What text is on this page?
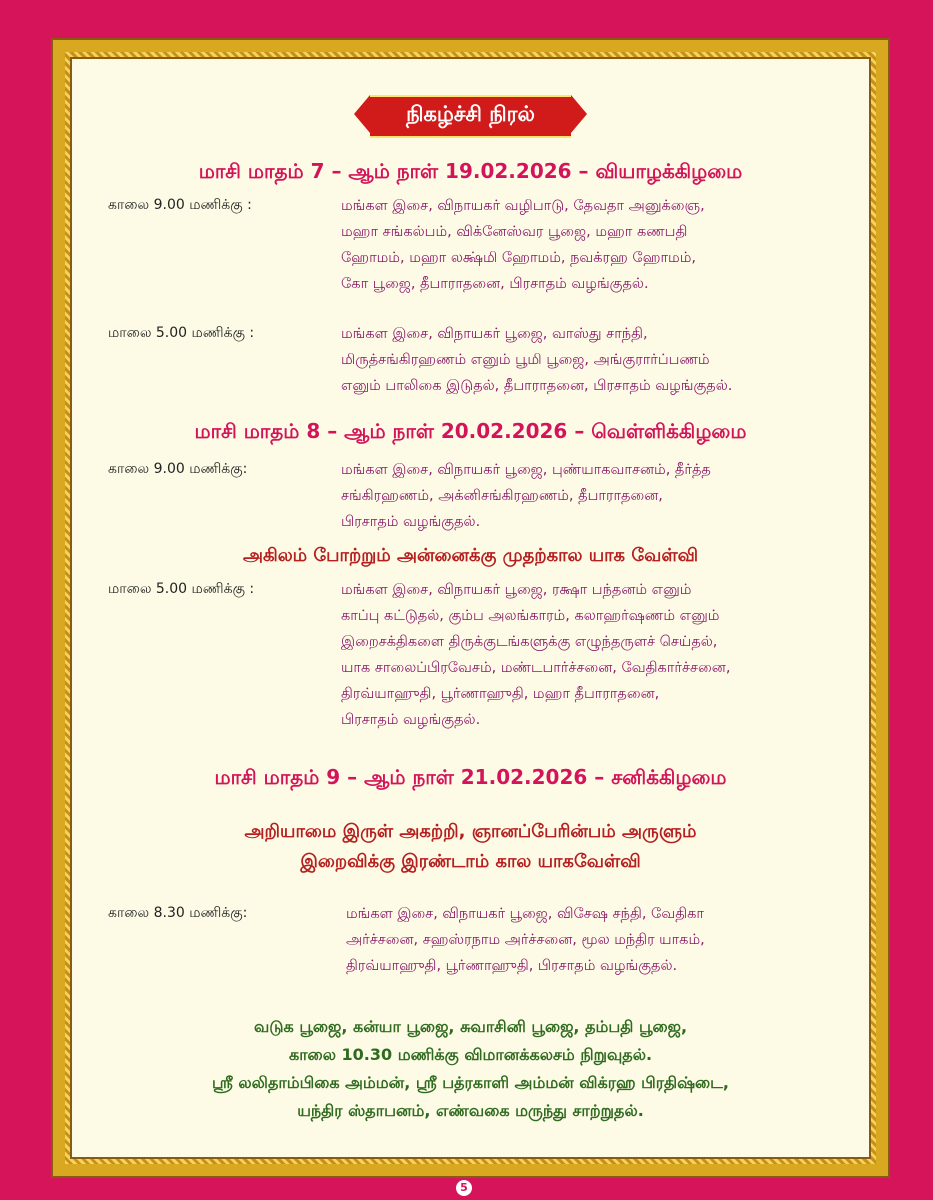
நிகழ்ச்சி நிரல்
மாசி மாதம் 7 – ஆம் நாள் 19.02.2026 – வியாழக்கிழமை
காலை 9.00 மணிக்கு :	மங்கள இசை, விநாயகர் வழிபாடு, தேவதா அனுக்ஞை,
மஹா சங்கல்பம், விக்னேஸ்வர பூஜை, மஹா கணபதி
ஹோமம், மஹா லக்ஷ்மி ஹோமம், நவக்ரஹ ஹோமம்,
கோ பூஜை, தீபாராதனை, பிரசாதம் வழங்குதல்.
மாலை 5.00 மணிக்கு :	மங்கள இசை, விநாயகர் பூஜை, வாஸ்து சாந்தி,
மிருத்சங்கிரஹணம் எனும் பூமி பூஜை, அங்குரார்ப்பணம்
எனும் பாலிகை இடுதல், தீபாராதனை, பிரசாதம் வழங்குதல்.
மாசி மாதம் 8 – ஆம் நாள் 20.02.2026 – வெள்ளிக்கிழமை
காலை 9.00 மணிக்கு:	மங்கள இசை, விநாயகர் பூஜை, புண்யாகவாசனம், தீர்த்த
சங்கிரஹணம், அக்னிசங்கிரஹணம், தீபாராதனை,
பிரசாதம் வழங்குதல்.
அகிலம் போற்றும் அன்னைக்கு முதற்கால யாக வேள்வி
மாலை 5.00 மணிக்கு :	மங்கள இசை, விநாயகர் பூஜை, ரக்ஷா பந்தனம் எனும்
காப்பு கட்டுதல், கும்ப அலங்காரம், கலாஹர்ஷணம் எனும்
இறைசக்திகளை திருக்குடங்களுக்கு எழுந்தருளச் செய்தல்,
யாக சாலைப்பிரவேசம், மண்டபார்ச்சனை, வேதிகார்ச்சனை,
திரவ்யாஹுதி, பூர்ணாஹுதி, மஹா தீபாராதனை,
பிரசாதம் வழங்குதல்.
மாசி மாதம் 9 – ஆம் நாள் 21.02.2026 – சனிக்கிழமை
அறியாமை இருள் அகற்றி, ஞானப்பேரின்பம் அருளும்
இறைவிக்கு இரண்டாம் கால யாகவேள்வி
காலை 8.30 மணிக்கு:	மங்கள இசை, விநாயகர் பூஜை, விசேஷ சந்தி, வேதிகா
அர்ச்சனை, சஹஸ்ரநாம அர்ச்சனை, மூல மந்திர யாகம்,
திரவ்யாஹுதி, பூர்ணாஹுதி, பிரசாதம் வழங்குதல்.
வடுக பூஜை, கன்யா பூஜை, சுவாசினி பூஜை, தம்பதி பூஜை,
காலை 10.30 மணிக்கு விமானக்கலசம் நிறுவுதல்.
ஸ்ரீ லலிதாம்பிகை அம்மன், ஸ்ரீ பத்ரகாளி அம்மன் விக்ரஹ பிரதிஷ்டை,
யந்திர ஸ்தாபனம், எண்வகை மருந்து சாற்றுதல்.
5
